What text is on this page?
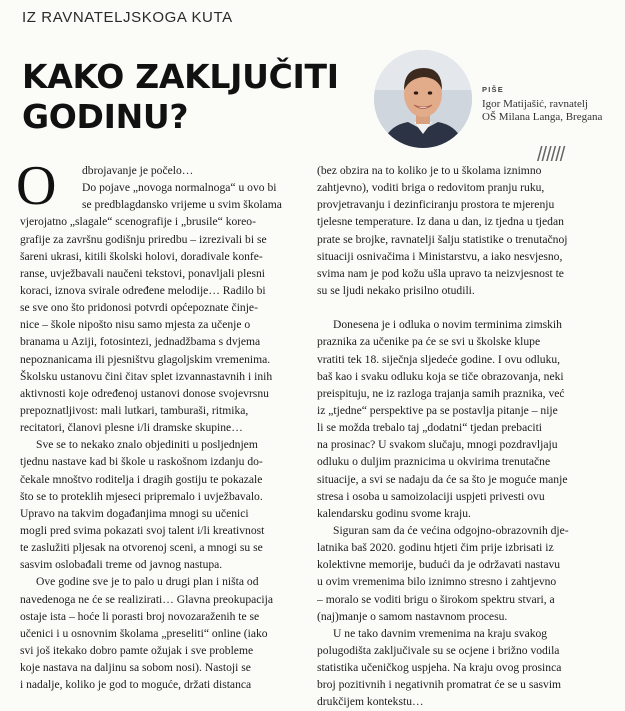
IZ RAVNATELJSKOGA KUTA
KAKO ZAKLJUČITI
GODINU?
PIŠE
Igor Matijašić, ravnatelj
OŠ Milana Langa, Bregana
//////
O	dbrojavanje je počelo…
Do pojave „novoga normalnoga“ u ovo bi
se predblagdansko vrijeme u svim školama
vjerojatno „slagale“ scenografije i „brusile“ koreo-
grafije za završnu godišnju priredbu – izrezivali bi se
šareni ukrasi, kitili školski holovi, doradivale konfe-
ranse, uvježbavali naučeni tekstovi, ponavljali plesni
koraci, iznova svirale određene melodije… Radilo bi
se sve ono što pridonosi potvrdi općepoznate činje-
nice – škole nipošto nisu samo mjesta za učenje o
branama u Aziji, fotosintezi, jednadžbama s dvjema
nepoznanicama ili pjesništvu glagoljskim vremenima.
Školsku ustanovu čini čitav splet izvannastavnih i inih
aktivnosti koje određenoj ustanovi donose svojevrsnu
prepoznatljivost: mali lutkari, tamburaši, ritmika,
recitatori, članovi plesne i/li dramske skupine…
Sve se to nekako znalo objediniti u posljednjem
tjednu nastave kad bi škole u raskošnom izdanju do-
čekale mnoštvo roditelja i dragih gostiju te pokazale
što se to proteklih mjeseci pripremalo i uvježbavalo.
Upravo na takvim događanjima mnogi su učenici
mogli pred svima pokazati svoj talent i/li kreativnost
te zaslužiti pljesak na otvorenoj sceni, a mnogi su se
sasvim oslobađali treme od javnog nastupa.
Ove godine sve je to palo u drugi plan i ništa od
navedenoga ne će se realizirati… Glavna preokupacija
ostaje ista – hoće li porasti broj novozaraženih te se
učenici i u osnovnim školama „preseliti“ online (iako
svi još itekako dobro pamte ožujak i sve probleme
koje nastava na daljinu sa sobom nosi). Nastoji se
i nadalje, koliko je god to moguće, držati distanca
(bez obzira na to koliko je to u školama iznimno
zahtjevno), voditi briga o redovitom pranju ruku,
provjetravanju i dezinficiranju prostora te mjerenju
tjelesne temperature. Iz dana u dan, iz tjedna u tjedan
prate se brojke, ravnatelji šalju statistike o trenutačnoj
situaciji osnivačima i Ministarstvu, a iako nesvjesno,
svima nam je pod kožu ušla upravo ta neizvjesnost te
su se ljudi nekako prisilno otudili.
Donesena je i odluka o novim terminima zimskih
praznika za učenike pa će se svi u školske klupe
vratiti tek 18. siječnja sljedeće godine. I ovu odluku,
baš kao i svaku odluku koja se tiče obrazovanja, neki
preispituju, ne iz razloga trajanja samih praznika, već
iz „tjedne“ perspektive pa se postavlja pitanje – nije
li se možda trebalo taj „dodatni“ tjedan prebaciti
na prosinac? U svakom slučaju, mnogi pozdravljaju
odluku o duljim praznicima u okvirima trenutačne
situacije, a svi se nadaju da će sa što je moguće manje
stresa i osoba u samoizolaciji uspjeti privesti ovu
kalendarsku godinu svome kraju.
Siguran sam da će većina odgojno-obrazovnih dje-
latnika baš 2020. godinu htjeti čim prije izbrisati iz
kolektivne memorije, budući da je održavati nastavu
u ovim vremenima bilo iznimno stresno i zahtjevno
– moralo se voditi brigu o širokom spektru stvari, a
(naj)manje o samom nastavnom procesu.
U ne tako davnim vremenima na kraju svakog
polugodišta zaključivale su se ocjene i brižno vodila
statistika učeničkog uspjeha. Na kraju ovog prosinca
broj pozitivnih i negativnih promatrat će se u sasvim
drukčijem kontekstu…
